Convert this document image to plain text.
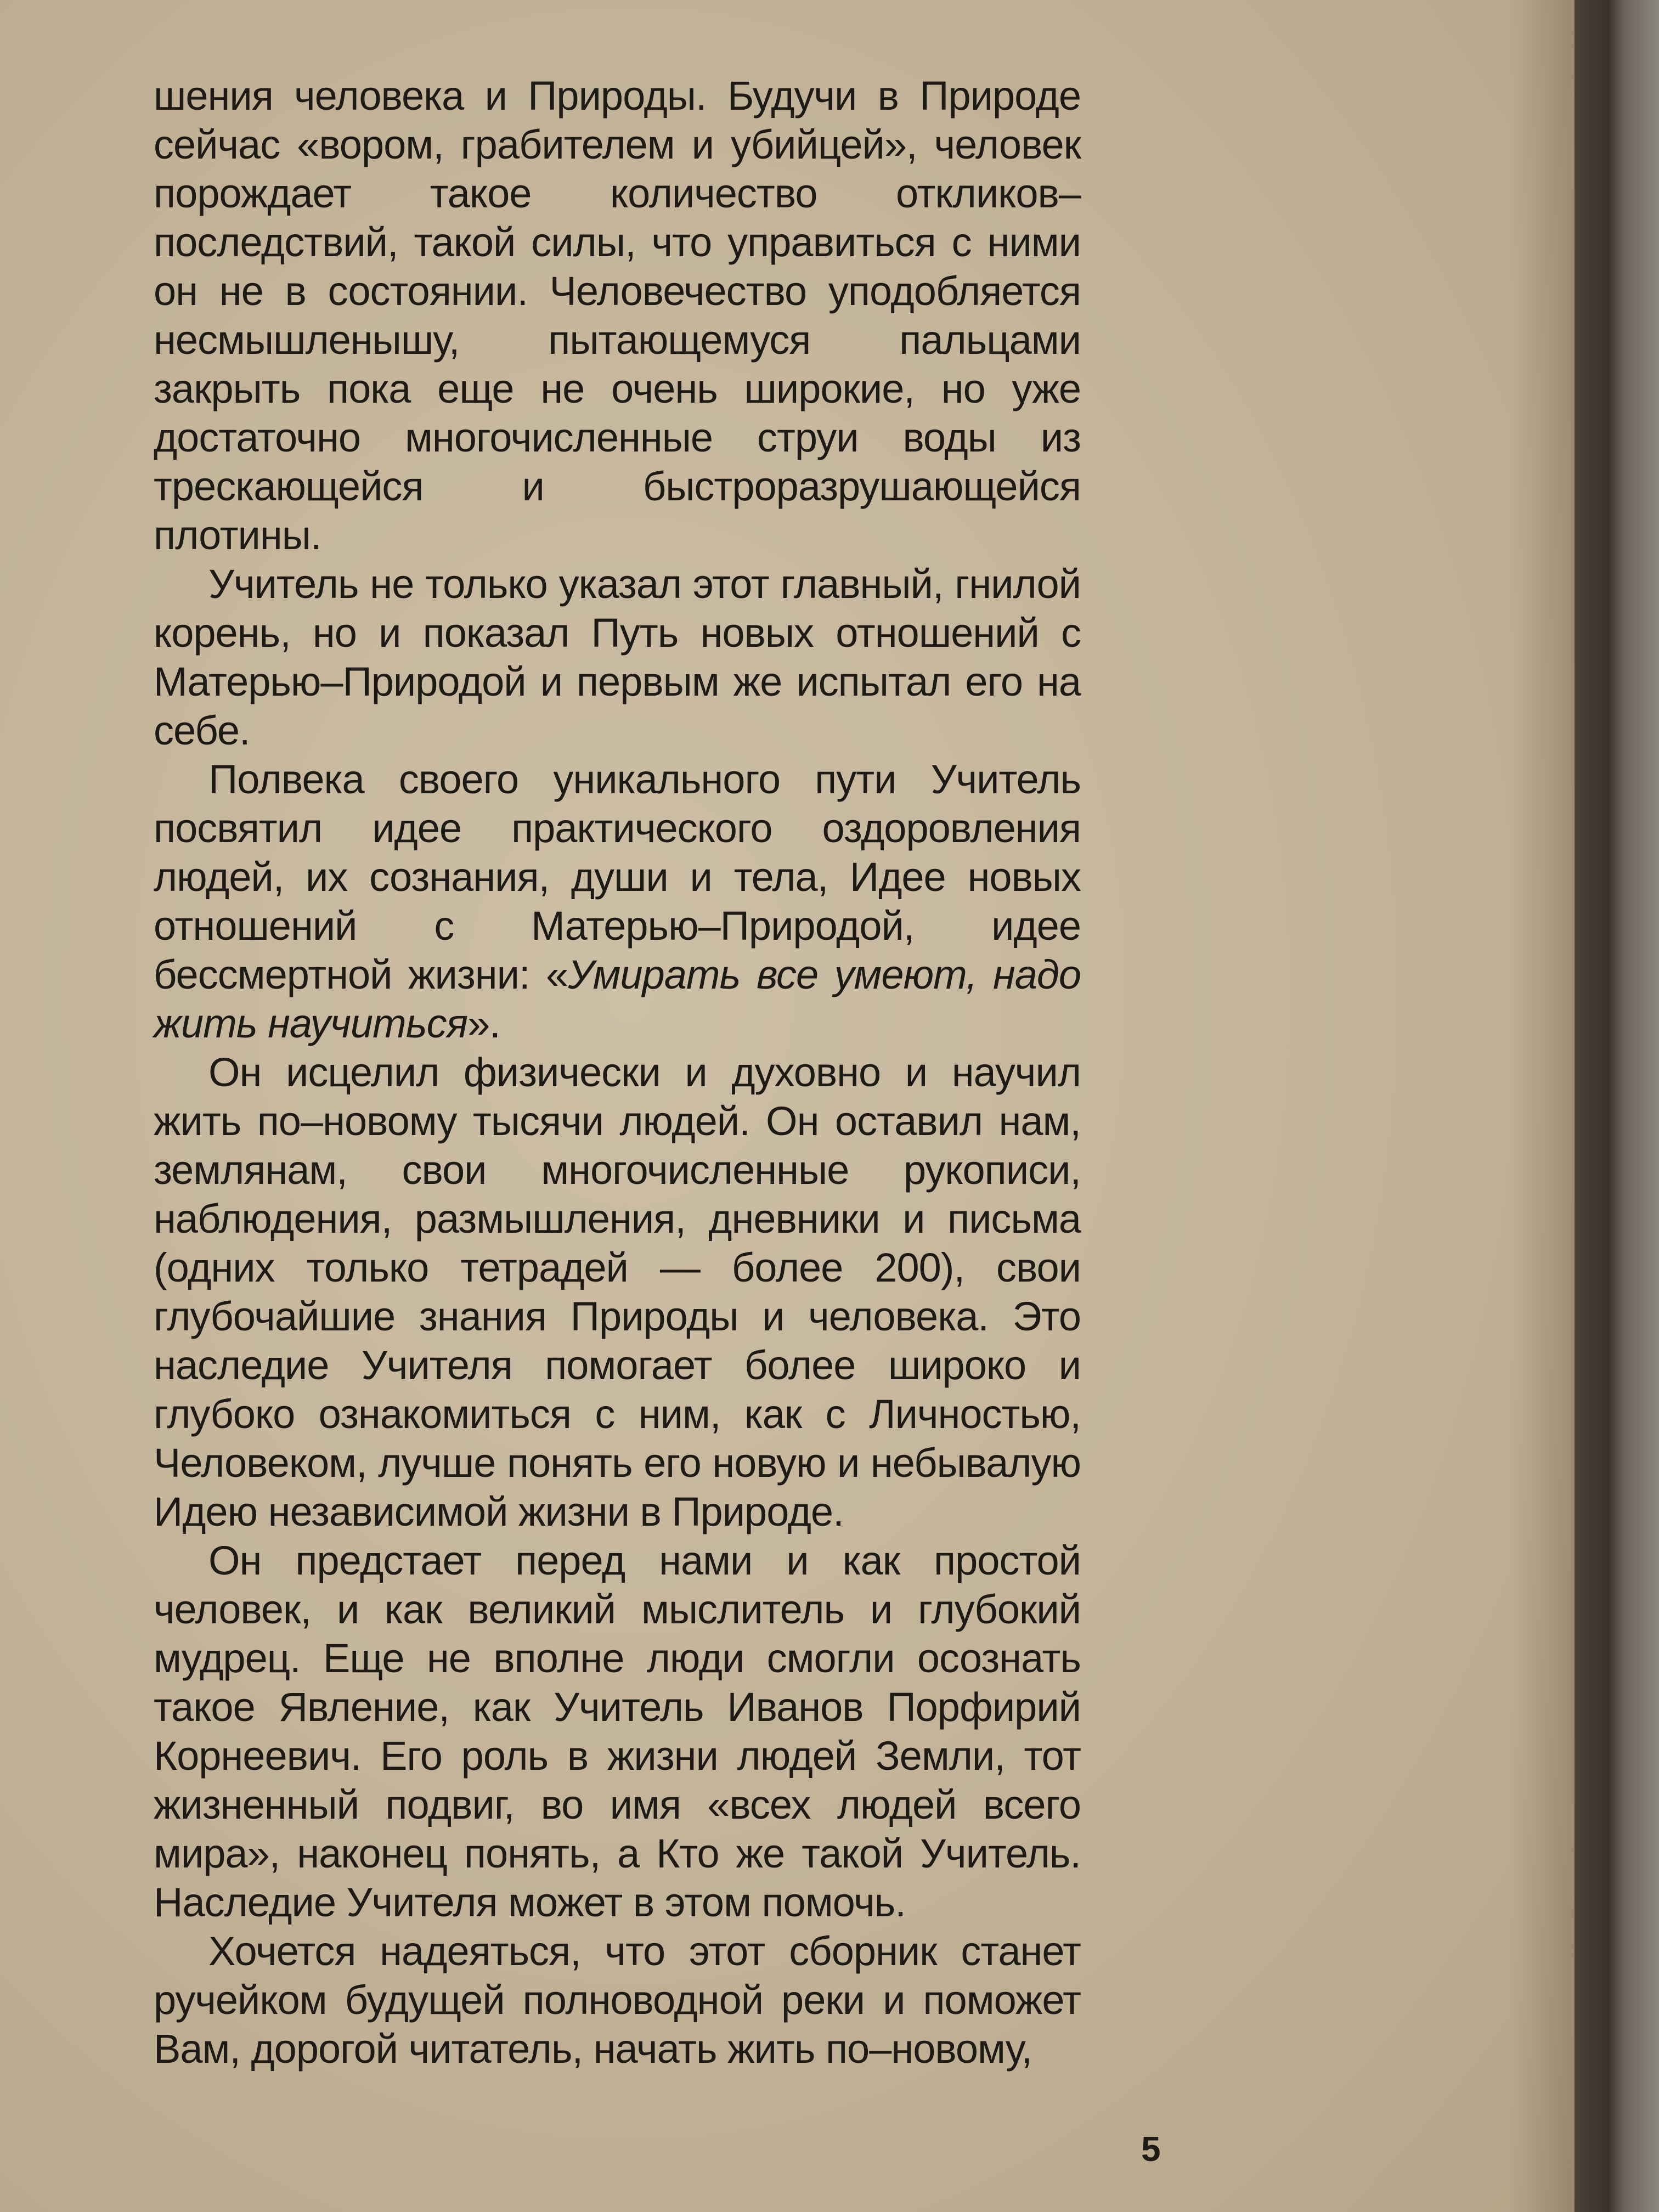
шения человека и Природы. Будучи в Природе сейчас «вором, грабителем и убийцей», человек порождает такое количество откликов–последствий, такой силы, что управиться с ними он не в состоянии. Человечество уподобляется несмышленышу, пытающемуся пальцами закрыть пока еще не очень широкие, но уже достаточно многочисленные струи воды из трескающейся и быстроразрушающейся плотины.

Учитель не только указал этот главный, гнилой корень, но и показал Путь новых отношений с Матерью–Природой и первым же испытал его на себе.

Полвека своего уникального пути Учитель посвятил идее практического оздоровления людей, их сознания, души и тела, Идее новых отношений с Матерью–Природой, идее бессмертной жизни: «Умирать все умеют, надо жить научиться».

Он исцелил физически и духовно и научил жить по–новому тысячи людей. Он оставил нам, землянам, свои многочисленные рукописи, наблюдения, размышления, дневники и письма (одних только тетрадей — более 200), свои глубочайшие знания Природы и человека. Это наследие Учителя помогает более широко и глубоко ознакомиться с ним, как с Личностью, Человеком, лучше понять его новую и небывалую Идею независимой жизни в Природе.

Он предстает перед нами и как простой человек, и как великий мыслитель и глубокий мудрец. Еще не вполне люди смогли осознать такое Явление, как Учитель Иванов Порфирий Корнеевич. Его роль в жизни людей Земли, тот жизненный подвиг, во имя «всех людей всего мира», наконец понять, а Кто же такой Учитель. Наследие Учителя может в этом помочь.

Хочется надеяться, что этот сборник станет ручейком будущей полноводной реки и поможет Вам, дорогой читатель, начать жить по–новому,

5
